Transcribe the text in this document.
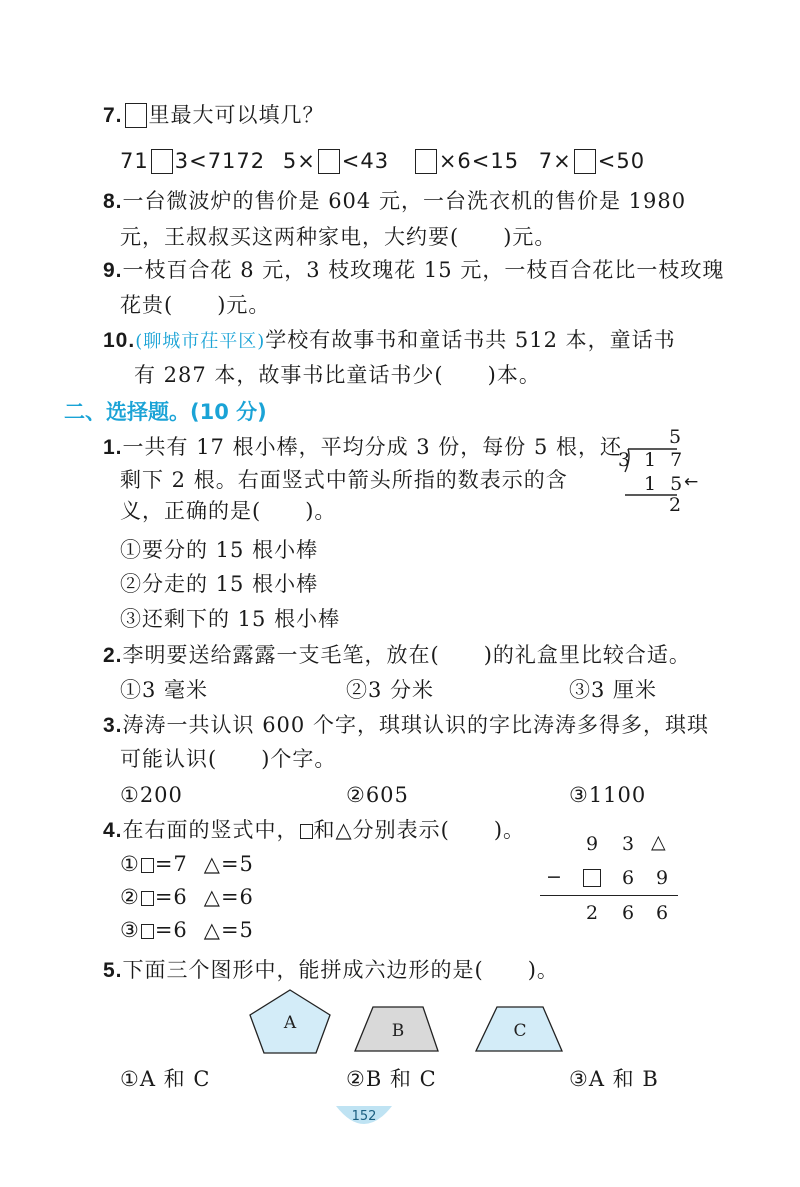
7. 里最大可以填几？
71 3<7172 5× <43 ×6<15 7× <50
8.一台微波炉的售价是 604 元，一台洗衣机的售价是 1980
元，王叔叔买这两种家电，大约要(　　)元。
9.一枝百合花 8 元，3 枝玫瑰花 15 元，一枝百合花比一枝玫瑰
花贵(　　)元。
10.(聊城市茌平区)学校有故事书和童话书共 512 本，童话书
有 287 本，故事书比童话书少(　　)本。
二、选择题。(10 分)
1.一共有 17 根小棒，平均分成 3 份，每份 5 根，还
剩下 2 根。右面竖式中箭头所指的数表示的含
义，正确的是(　　)。
①要分的 15 根小棒
②分走的 15 根小棒
③还剩下的 15 根小棒
5
3 1 7
1 5
←
2
2.李明要送给露露一支毛笔，放在(　　)的礼盒里比较合适。
①3 毫米	②3 分米	③3 厘米
3.涛涛一共认识 600 个字，琪琪认识的字比涛涛多得多，琪琪
可能认识(　　)个字。
①200	②605	③1100
4.在右面的竖式中， 和△分别表示(　　)。
① =7 △=5
② =6 △=6
③ =6 △=5
9 3 △
−	6 9
2 6 6
5.下面三个图形中，能拼成六边形的是(　　)。
A	B	C
①A 和 C	②B 和 C	③A 和 B
152
